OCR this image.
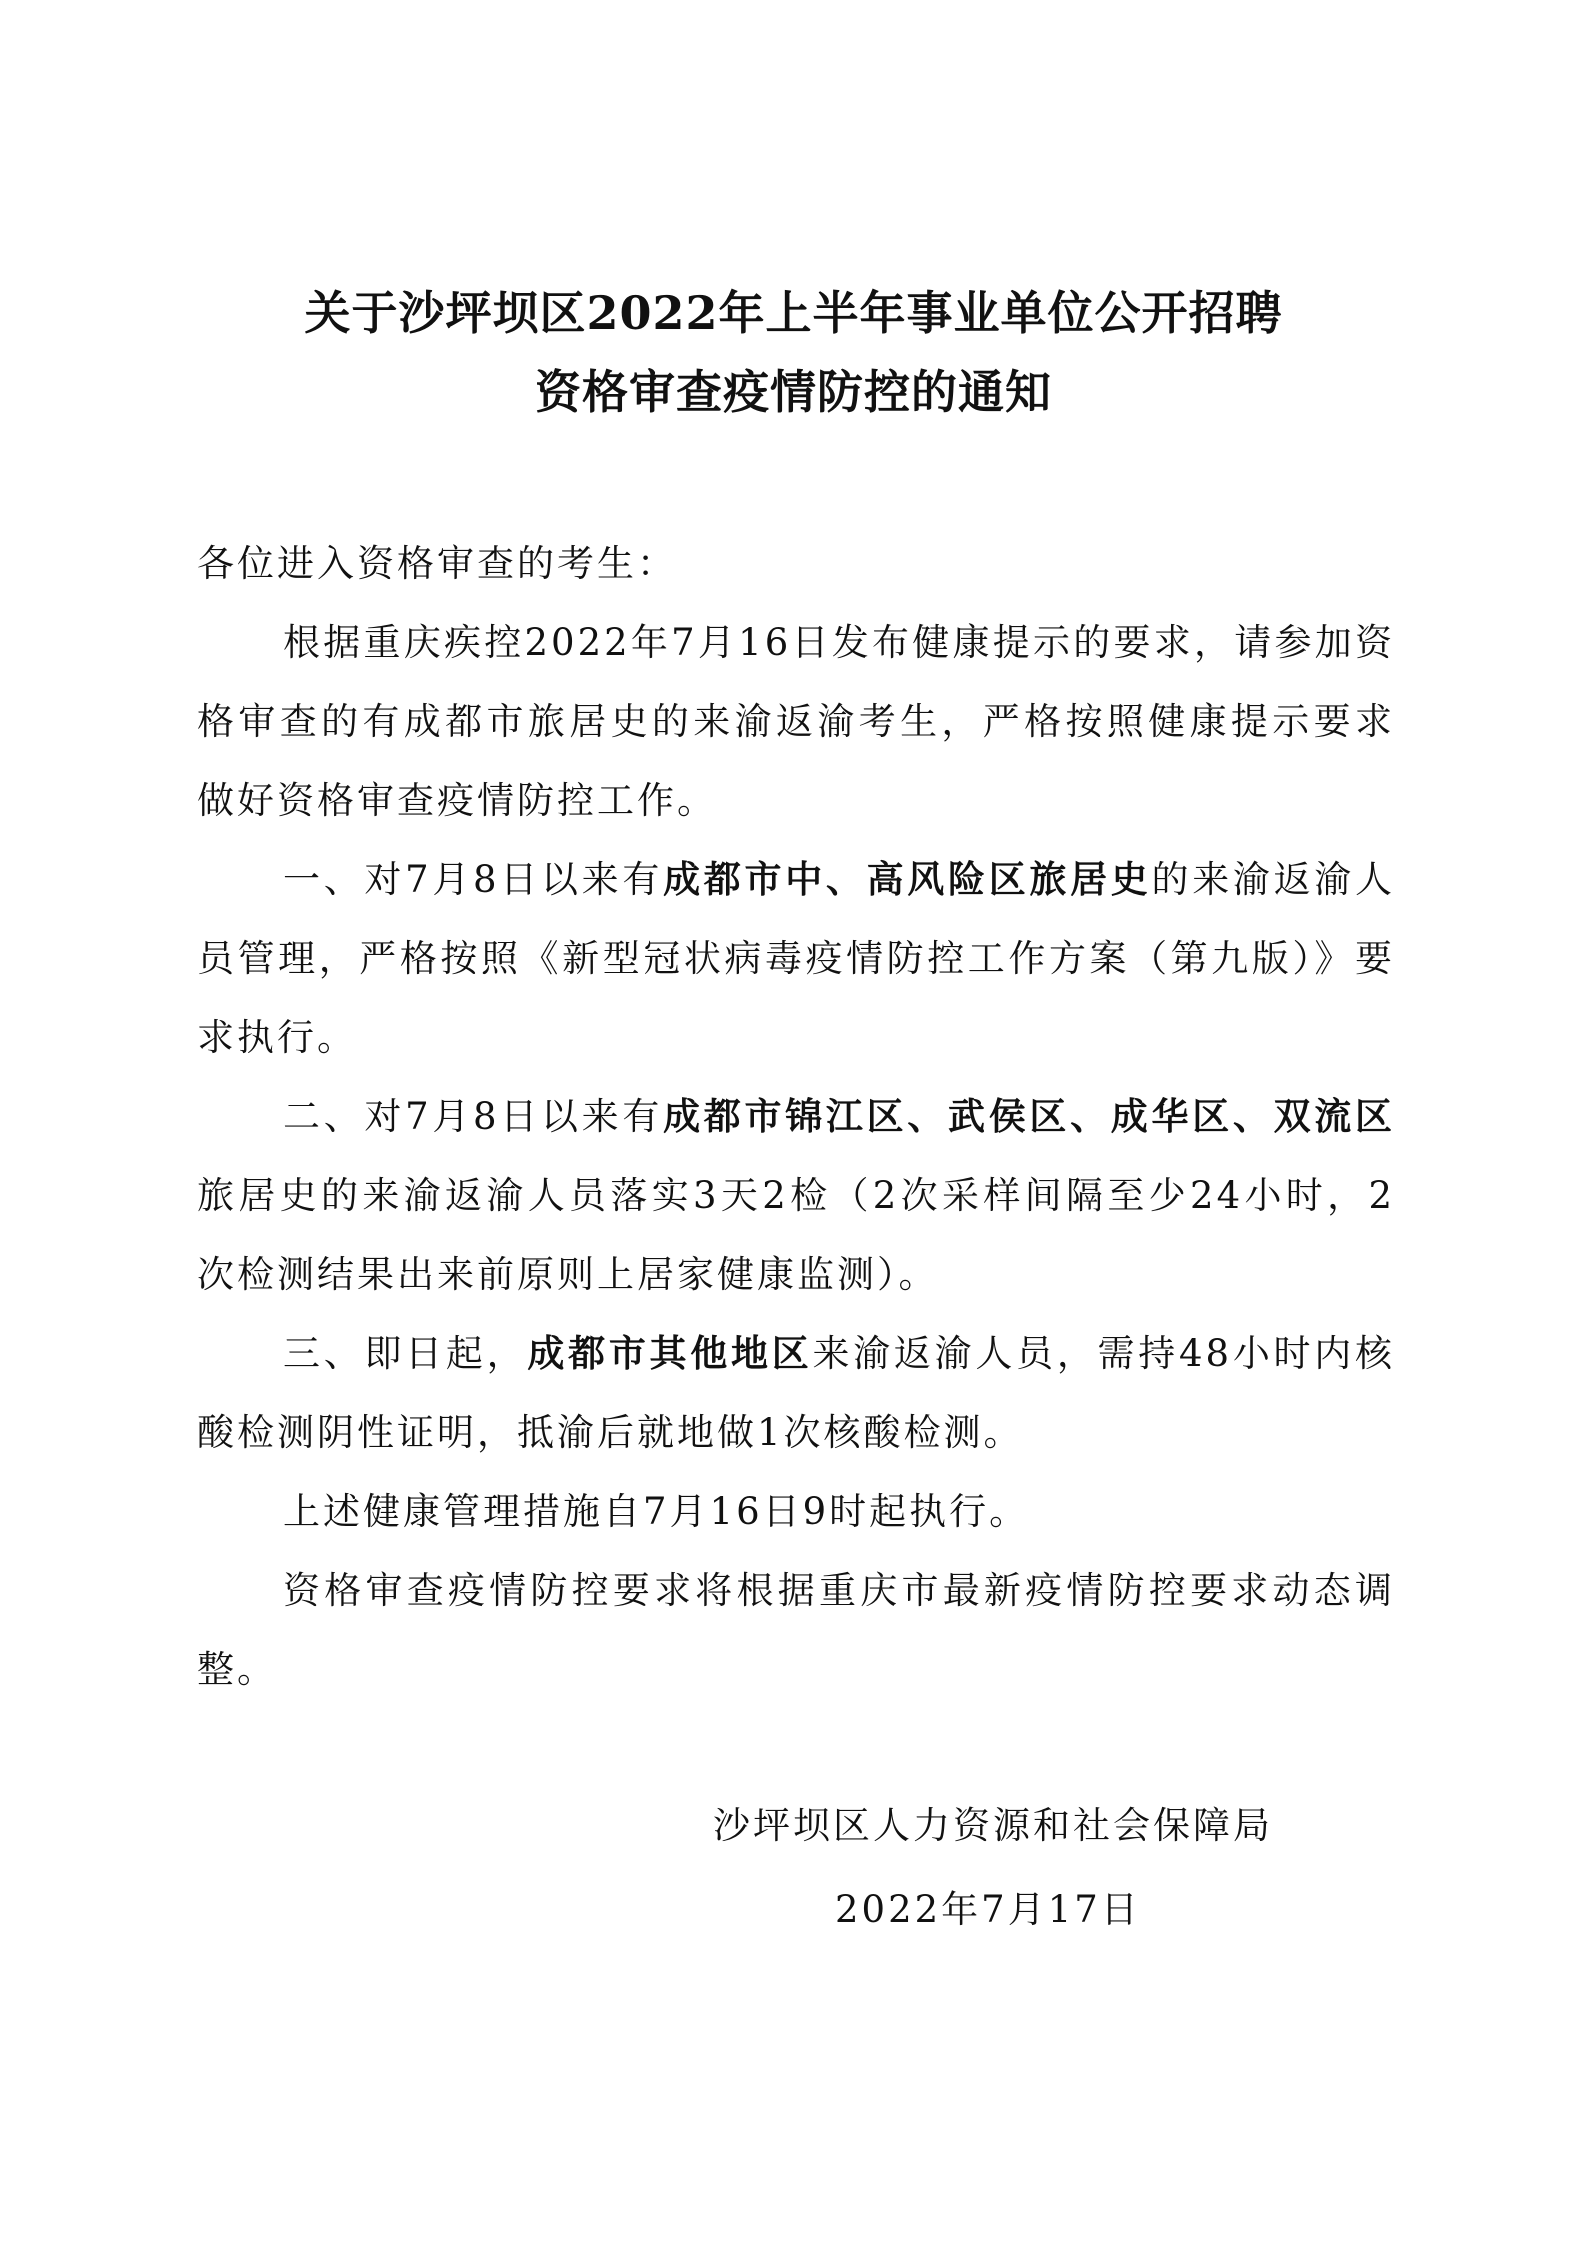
关于沙坪坝区2022年上半年事业单位公开招聘
资格审查疫情防控的通知

各位进入资格审查的考生：

根据重庆疾控2022年7月16日发布健康提示的要求，请参加资格审查的有成都市旅居史的来渝返渝考生，严格按照健康提示要求做好资格审查疫情防控工作。

一、对7月8日以来有成都市中、高风险区旅居史的来渝返渝人员管理，严格按照《新型冠状病毒疫情防控工作方案（第九版）》要求执行。

二、对7月8日以来有成都市锦江区、武侯区、成华区、双流区旅居史的来渝返渝人员落实3天2检（2次采样间隔至少24小时，2次检测结果出来前原则上居家健康监测）。

三、即日起，成都市其他地区来渝返渝人员，需持48小时内核酸检测阴性证明，抵渝后就地做1次核酸检测。

上述健康管理措施自7月16日9时起执行。

资格审查疫情防控要求将根据重庆市最新疫情防控要求动态调整。

沙坪坝区人力资源和社会保障局
2022年7月17日
